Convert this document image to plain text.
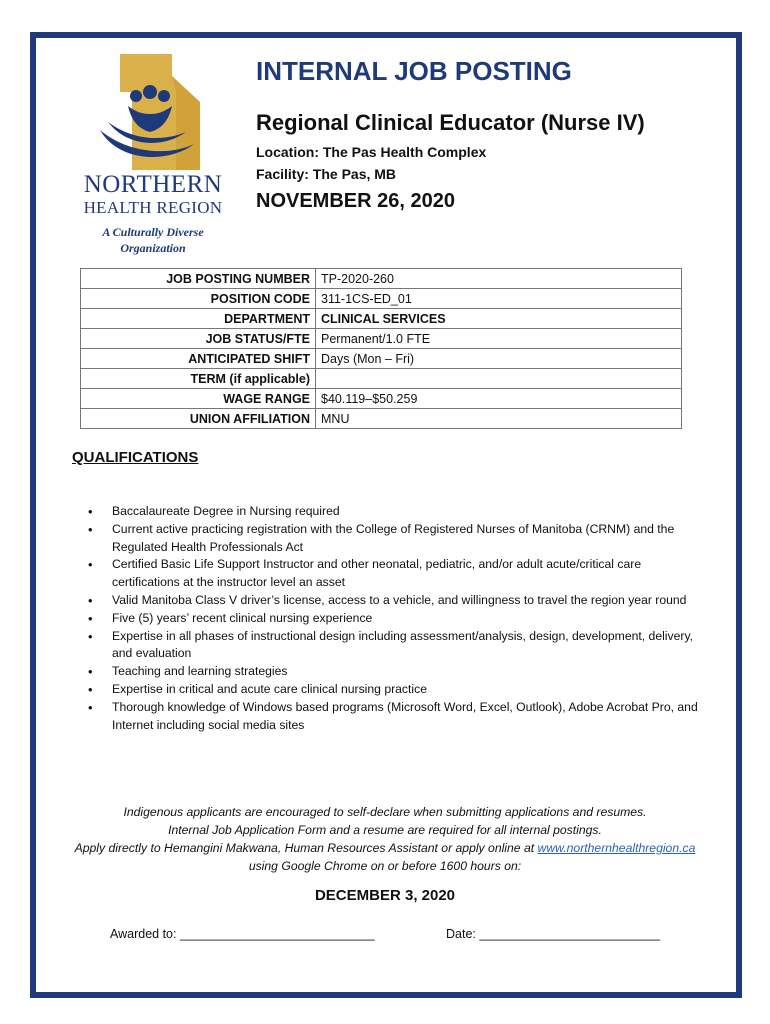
NORTHERN
HEALTH REGION
A Culturally Diverse Organization
INTERNAL JOB POSTING
Regional Clinical Educator (Nurse IV)
Location: The Pas Health Complex
Facility: The Pas, MB
NOVEMBER 26, 2020
JOB POSTING NUMBER	TP-2020-260
POSITION CODE	311-1CS-ED_01
DEPARTMENT	CLINICAL SERVICES
JOB STATUS/FTE	Permanent/1.0 FTE
ANTICIPATED SHIFT	Days (Mon – Fri)
TERM (if applicable)	
WAGE RANGE	$40.119–$50.259
UNION AFFILIATION	MNU
QUALIFICATIONS
• Baccalaureate Degree in Nursing required
• Current active practicing registration with the College of Registered Nurses of Manitoba (CRNM) and the Regulated Health Professionals Act
• Certified Basic Life Support Instructor and other neonatal, pediatric, and/or adult acute/critical care certifications at the instructor level an asset
• Valid Manitoba Class V driver’s license, access to a vehicle, and willingness to travel the region year round
• Five (5) years’ recent clinical nursing experience
• Expertise in all phases of instructional design including assessment/analysis, design, development, delivery, and evaluation
• Teaching and learning strategies
• Expertise in critical and acute care clinical nursing practice
• Thorough knowledge of Windows based programs (Microsoft Word, Excel, Outlook), Adobe Acrobat Pro, and Internet including social media sites
Indigenous applicants are encouraged to self-declare when submitting applications and resumes.
Internal Job Application Form and a resume are required for all internal postings.
Apply directly to Hemangini Makwana, Human Resources Assistant or apply online at www.northernhealthregion.ca
using Google Chrome on or before 1600 hours on:
DECEMBER 3, 2020
Awarded to: ____________________________	Date: __________________________
